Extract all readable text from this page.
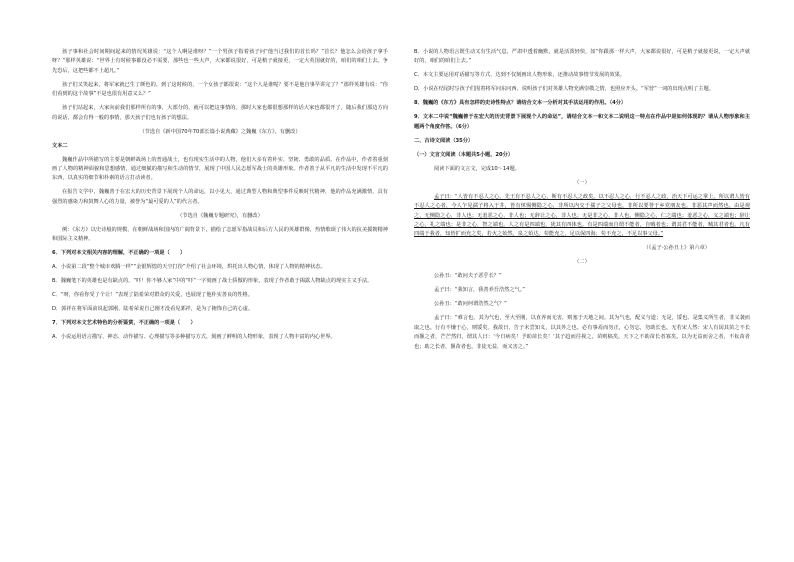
孩子事和社会时间期间起来的情况英雄说：“这个人啊是谁呀？”一个男孩子指着孩子问“他当过我们的首长吗？”首长？他怎么会给孩子拿手呀？”那样英雄说：“世界上有时候事都没必不需要，那些也一些大声，大家都说很好，可是稍子就接更，一定大英国就好的，咱们的咱们上去。争先恐后，这把些都不上超凡。”

孩子们又笑起来，将军家就已生了颜色的。到了这时候的，一个女孩子都很说：“这个人是谁呢？要不是他自事早讲完了？”那样英雄有说：“你们看到的这个故事”不是也很有用意义么？”

孩子们站起来，大家向前我们那样所有的事，大部分的，就可以把这事情的。那时大家也都很想那样的话大家也都很开了，随后我们那边方向的说话，都会有得一般的事情，那天孩子们也有孩子的想法。

（节选自《新中国70年70部长篇小说典藏》之魏巍《东方》，有删改）

文本二

魏巍作品中所描写的主要是朝鲜战场上的普通战士，也有现实生活中的人物，他们大多有着朴实、坚韧、勇敢的品质。在作品中，作者着重刻画了人物的精神面貌和思想感情，通过细腻的描写和生动的情节，展现了中国人民志愿军战士的英雄形象。作者善于从平凡的生活中发现不平凡的东西，以真实的细节和朴素的语言打动读者。

在报告文学中，魏巍善于在宏大的历史背景下展现个人的命运，以小见大，通过典型人物和典型事件反映时代精神，他的作品充满激情，具有强烈的感染力和鼓舞人心的力量，被誉为“最可爱的人”的代言者。

（节选自《魏巍专题研究》，有删改）

例：《东方》以史诗般的规模，在朝鲜战场和国内的广阔背景下，描绘了志愿军指战员和后方人民的英雄群像，热情歌颂了伟大的抗美援朝精神和国际主义精神。

6．下列对本文相关内容的理解，不正确的一项是（　　）

A．小说第二段“整个城市欢腾一样”“金银辉煌的天空打扮”介绍了社会环境，烘托出人物心情，体现了人物的精神状态。

B．魏巍笔下的英雄也是有缺点的，“吓！你不够人家”中的“吓”一字刻画了战士骄傲的形象，表现了作者敢于揭露人物缺点的现实主义手法。

C．“呀，你看你受了个让！”表现了陆希荣对群众的关爱，也展现了他朴实善良的性格。

D．郭祥在将军面前说起郭刚，陆希荣说自己刚才没看见郭祥，是为了掩饰自己的心虚。

7．下列对本文艺术特色的分析鉴赏，不正确的一项是（　　）

A．小说运用语言描写、神态、动作描写、心理描写等多种描写方式，刻画了鲜明的人物形象，表现了人物丰富的内心世界。

B．小说的人物语言既生动又有生活气息，严肃中透着幽默，就是活泼轻快，如“你跟那一样大声，大家都说很好，可是稍子就接更说，一定大声就好的，咱们的咱们上去。”

C．本文主要运用对话描写等方式，达到不仅刻画出人物形象，还推动故事情节发展的效果。

D．小说在结尾时写孩子们围着将军问东问西，说明孩子们对英雄人物充满崇敬之情，也照应开头。“军营”一词的出现点明了主题。

8．魏巍的《东方》具有怎样的史诗性特点？请结合文本一分析对其手法运用的作用。（4分）

9．文本二中说“魏巍善于在宏大的历史背景下展现个人的命运”，请结合文本一和文本二说明这一特点在作品中是如何体现的？请从人物形象和主题两个角度作答。（6分）

二、古诗文阅读（35分）

（一）文言文阅读（本题共5小题，20分）

阅读下面的文言文，完成10～14题。

（一）

孟子曰：“人皆有不忍人之心。先王有不忍人之心，斯有不忍人之政矣。以不忍人之心，行不忍人之政，治天下可运之掌上。所以谓人皆有不忍人之心者，今人乍见孺子将入于井，皆有怵惕恻隐之心，非所以内交于孺子之父母也，非所以要誉于乡党朋友也，非恶其声而然也。由是观之，无恻隐之心，非人也；无羞恶之心，非人也；无辞让之心，非人也；无是非之心，非人也。恻隐之心，仁之端也；羞恶之心，义之端也；辞让之心，礼之端也；是非之心，智之端也。人之有是四端也，犹其有四体也。有是四端而自谓不能者，自贼者也；谓其君不能者，贼其君者也。凡有四端于我者，知皆扩而充之矣，若火之始然，泉之始达。苟能充之，足以保四海；苟不充之，不足以事父母。”

（《孟子·公孙丑上》第六章）

（二）

公孙丑：“敢问夫子恶乎长？”

孟子曰：“我知言，我善养吾浩然之气。”

公孙丑：“敢问何谓浩然之气？”

孟子曰：“难言也。其为气也，至大至刚，以直养而无害，则塞于天地之间。其为气也，配义与道；无是，馁也。是集义所生者，非义袭而取之也。行有不慊于心，则馁矣。我故曰，告子未尝知义，以其外之也。必有事焉而勿正，心勿忘，勿助长也。无若宋人然：宋人有闵其苗之不长而揠之者，芒芒然归，谓其人曰：‘今日病矣！予助苗长矣！’其子趋而往视之，苗则槁矣。天下之不助苗长者寡矣。以为无益而舍之者，不耘苗者也；助之长者，揠苗者也。非徒无益，而又害之。”
